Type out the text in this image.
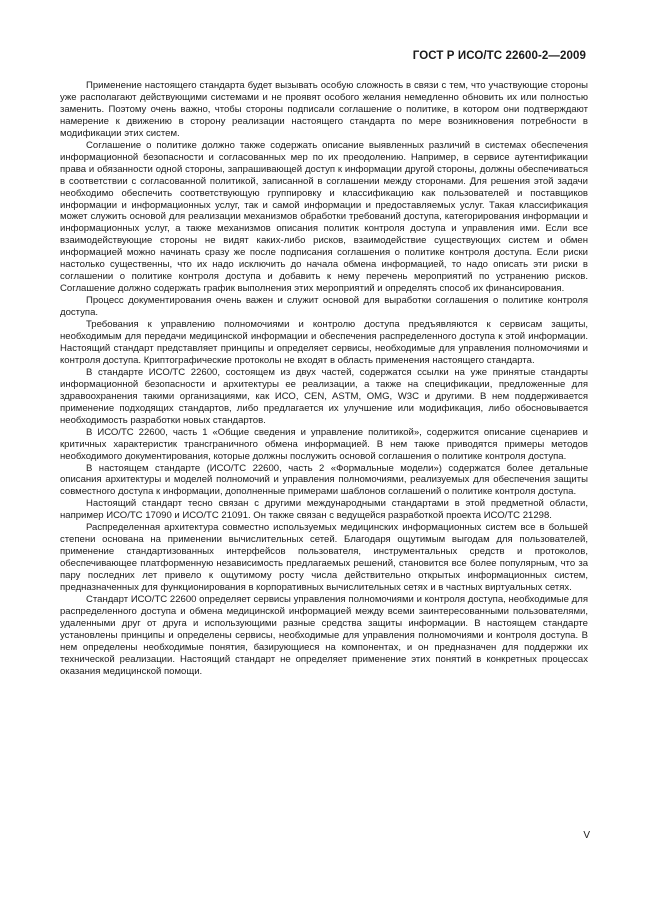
ГОСТ Р ИСО/ТС 22600-2—2009

Применение настоящего стандарта будет вызывать особую сложность в связи с тем, что участвующие стороны уже располагают действующими системами и не проявят особого желания немедленно обновить их или полностью заменить. Поэтому очень важно, чтобы стороны подписали соглашение о политике, в котором они подтверждают намерение к движению в сторону реализации настоящего стандарта по мере возникновения потребности в модификации этих систем.

Соглашение о политике должно также содержать описание выявленных различий в системах обеспечения информационной безопасности и согласованных мер по их преодолению. Например, в сервисе аутентификации права и обязанности одной стороны, запрашивающей доступ к информации другой стороны, должны обеспечиваться в соответствии с согласованной политикой, записанной в соглашении между сторонами. Для решения этой задачи необходимо обеспечить соответствующую группировку и классификацию как пользователей и поставщиков информации и информационных услуг, так и самой информации и предоставляемых услуг. Такая классификация может служить основой для реализации механизмов обработки требований доступа, категорирования информации и информационных услуг, а также механизмов описания политик контроля доступа и управления ими. Если все взаимодействующие стороны не видят каких-либо рисков, взаимодействие существующих систем и обмен информацией можно начинать сразу же после подписания соглашения о политике контроля доступа. Если риски настолько существенны, что их надо исключить до начала обмена информацией, то надо описать эти риски в соглашении о политике контроля доступа и добавить к нему перечень мероприятий по устранению рисков. Соглашение должно содержать график выполнения этих мероприятий и определять способ их финансирования.

Процесс документирования очень важен и служит основой для выработки соглашения о политике контроля доступа.

Требования к управлению полномочиями и контролю доступа предъявляются к сервисам защиты, необходимым для передачи медицинской информации и обеспечения распределенного доступа к этой информации. Настоящий стандарт представляет принципы и определяет сервисы, необходимые для управления полномочиями и контроля доступа. Криптографические протоколы не входят в область применения настоящего стандарта.

В стандарте ИСО/ТС 22600, состоящем из двух частей, содержатся ссылки на уже принятые стандарты информационной безопасности и архитектуры ее реализации, а также на спецификации, предложенные для здравоохранения такими организациями, как ИСО, CEN, ASTM, OMG, W3C и другими. В нем поддерживается применение подходящих стандартов, либо предлагается их улучшение или модификация, либо обосновывается необходимость разработки новых стандартов.

В ИСО/ТС 22600, часть 1 «Общие сведения и управление политикой», содержится описание сценариев и критичных характеристик трансграничного обмена информацией. В нем также приводятся примеры методов необходимого документирования, которые должны послужить основой соглашения о политике контроля доступа.

В настоящем стандарте (ИСО/ТС 22600, часть 2 «Формальные модели») содержатся более детальные описания архитектуры и моделей полномочий и управления полномочиями, реализуемых для обеспечения защиты совместного доступа к информации, дополненные примерами шаблонов соглашений о политике контроля доступа.

Настоящий стандарт тесно связан с другими международными стандартами в этой предметной области, например ИСО/ТС 17090 и ИСО/ТС 21091. Он также связан с ведущейся разработкой проекта ИСО/ТС 21298.

Распределенная архитектура совместно используемых медицинских информационных систем все в большей степени основана на применении вычислительных сетей. Благодаря ощутимым выгодам для пользователей, применение стандартизованных интерфейсов пользователя, инструментальных средств и протоколов, обеспечивающее платформенную независимость предлагаемых решений, становится все более популярным, что за пару последних лет привело к ощутимому росту числа действительно открытых информационных систем, предназначенных для функционирования в корпоративных вычислительных сетях и в частных виртуальных сетях.

Стандарт ИСО/ТС 22600 определяет сервисы управления полномочиями и контроля доступа, необходимые для распределенного доступа и обмена медицинской информацией между всеми заинтересованными пользователями, удаленными друг от друга и использующими разные средства защиты информации. В настоящем стандарте установлены принципы и определены сервисы, необходимые для управления полномочиями и контроля доступа. В нем определены необходимые понятия, базирующиеся на компонентах, и он предназначен для поддержки их технической реализации. Настоящий стандарт не определяет применение этих понятий в конкретных процессах оказания медицинской помощи.

V
